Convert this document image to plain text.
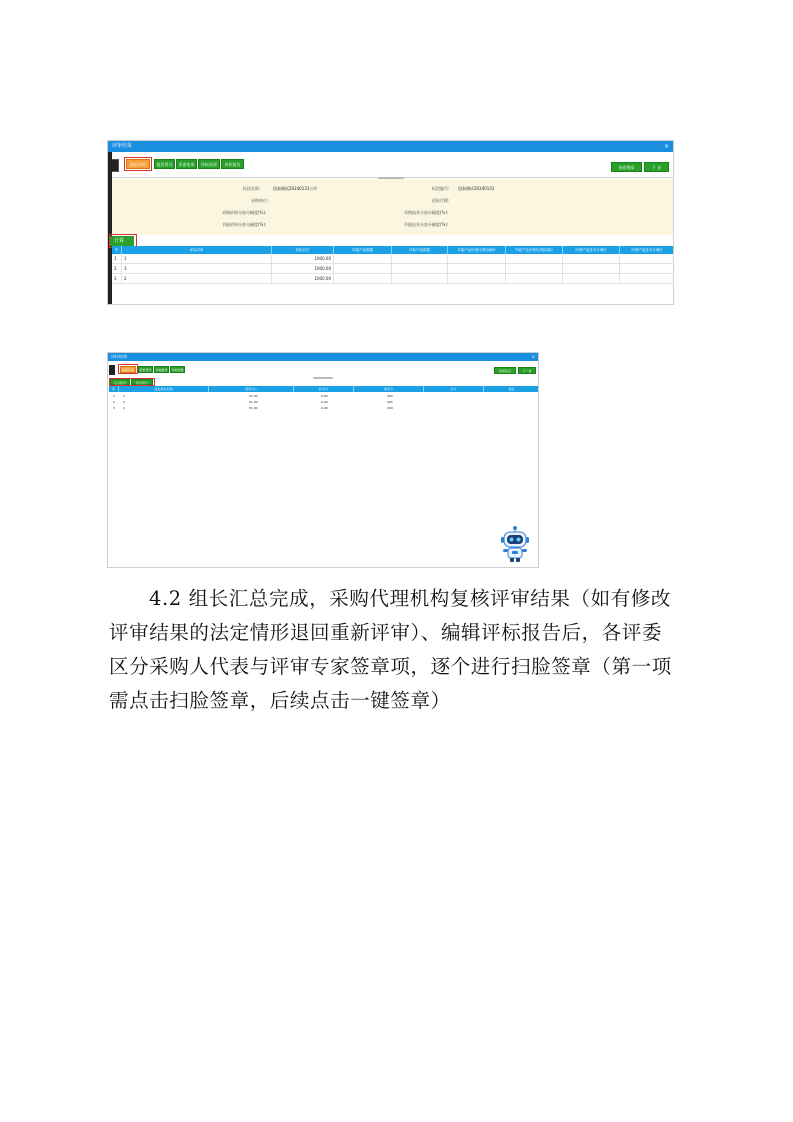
评审结果	×
最低评标	报价得分	评委复审	评标结果	评标报告
查看签章	下 步
标段名称:	国泰测试20240131公开	标段编号: 国泰测试20240131
采购单位:	招标代理:
采购价格分加分幅度(%):	采购技术分加分幅度(%):
节能价格分加分幅度(%):	节能技术分加分幅度(%):
计算
序	评标对象	投标总价	环境产品数据	评标产品数据	节能产品价格比例扣减价	节能产品价格比例扣减价	环保产品技术分调价	环保产品技术分调价
1	1	1000.00
2	3	1000.00
3	2	1000.00
评标结果	×
最低评标	报价得分	评委复审	评标结果	查看签章	下一步
汇总报价	报价得分
序	投标单位名称	报价(%)	技术分	商务分	总分	排名
1	1	51.00	0.00	400
2	3	51.00	0.00	400
3	2	51.00	0.00	400
4.2 组长汇总完成，采购代理机构复核评审结果（如有修改
评审结果的法定情形退回重新评审）、编辑评标报告后，各评委
区分采购人代表与评审专家签章项，逐个进行扫脸签章（第一项
需点击扫脸签章，后续点击一键签章）
